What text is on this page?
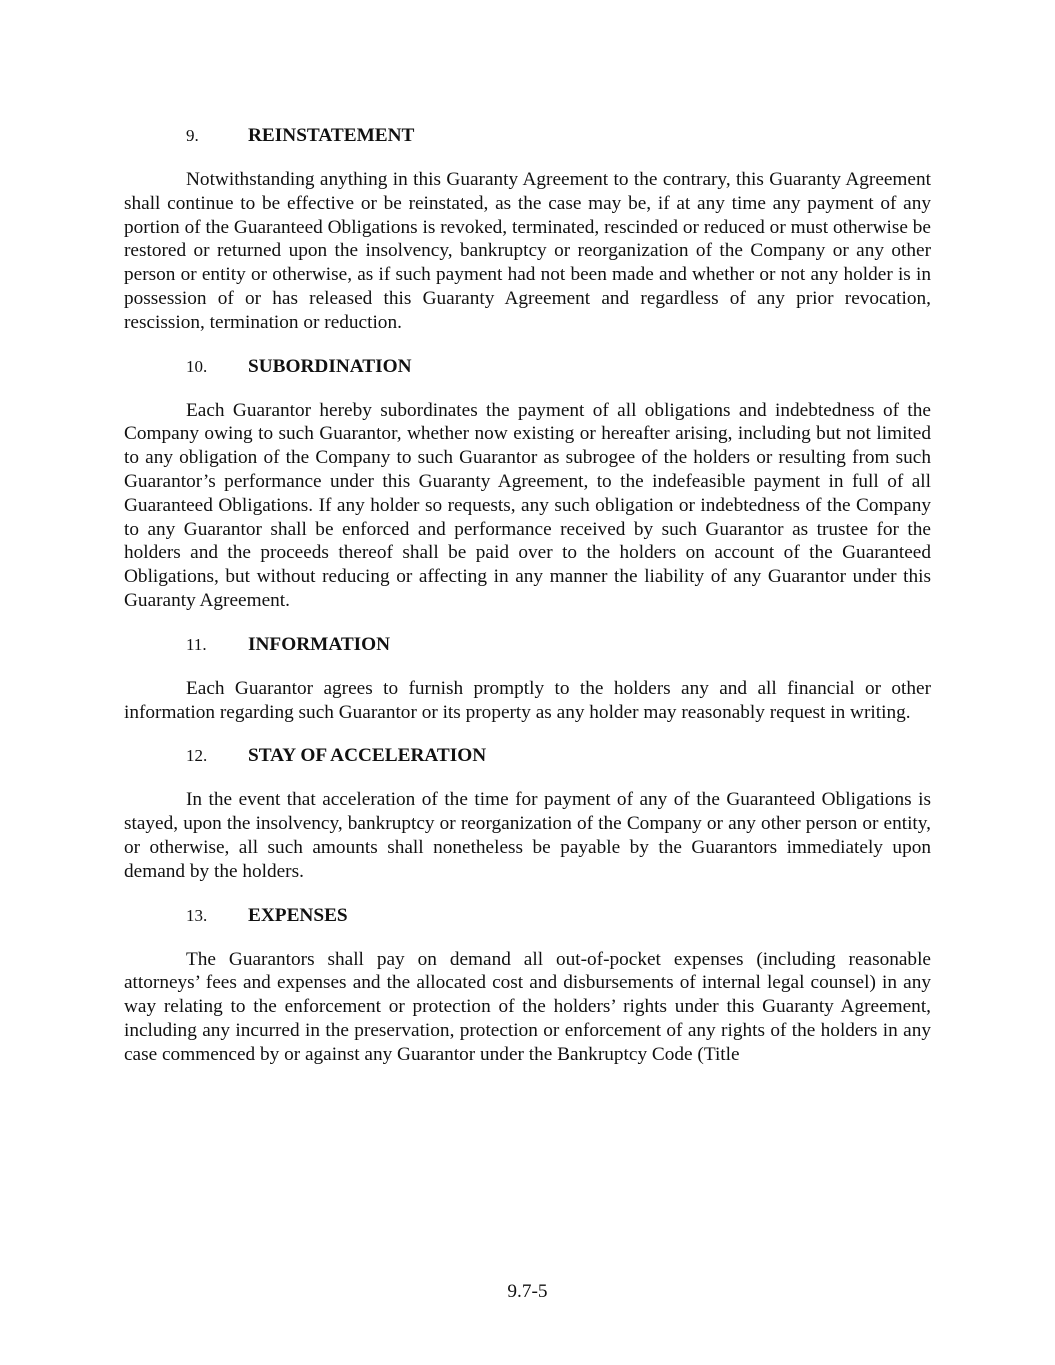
9.	REINSTATEMENT

Notwithstanding anything in this Guaranty Agreement to the contrary, this Guaranty Agreement shall continue to be effective or be reinstated, as the case may be, if at any time any payment of any portion of the Guaranteed Obligations is revoked, terminated, rescinded or reduced or must otherwise be restored or returned upon the insolvency, bankruptcy or reorganization of the Company or any other person or entity or otherwise, as if such payment had not been made and whether or not any holder is in possession of or has released this Guaranty Agreement and regardless of any prior revocation, rescission, termination or reduction.

10. SUBORDINATION

Each Guarantor hereby subordinates the payment of all obligations and indebtedness of the Company owing to such Guarantor, whether now existing or hereafter arising, including but not limited to any obligation of the Company to such Guarantor as subrogee of the holders or resulting from such Guarantor’s performance under this Guaranty Agreement, to the indefeasible payment in full of all Guaranteed Obligations. If any holder so requests, any such obligation or indebtedness of the Company to any Guarantor shall be enforced and performance received by such Guarantor as trustee for the holders and the proceeds thereof shall be paid over to the holders on account of the Guaranteed Obligations, but without reducing or affecting in any manner the liability of any Guarantor under this Guaranty Agreement.

11. INFORMATION

Each Guarantor agrees to furnish promptly to the holders any and all financial or other information regarding such Guarantor or its property as any holder may reasonably request in writing.

12. STAY OF ACCELERATION

In the event that acceleration of the time for payment of any of the Guaranteed Obligations is stayed, upon the insolvency, bankruptcy or reorganization of the Company or any other person or entity, or otherwise, all such amounts shall nonetheless be payable by the Guarantors immediately upon demand by the holders.

13. EXPENSES

The Guarantors shall pay on demand all out-of-pocket expenses (including reasonable attorneys’ fees and expenses and the allocated cost and disbursements of internal legal counsel) in any way relating to the enforcement or protection of the holders’ rights under this Guaranty Agreement, including any incurred in the preservation, protection or enforcement of any rights of the holders in any case commenced by or against any Guarantor under the Bankruptcy Code (Title

9.7-5
